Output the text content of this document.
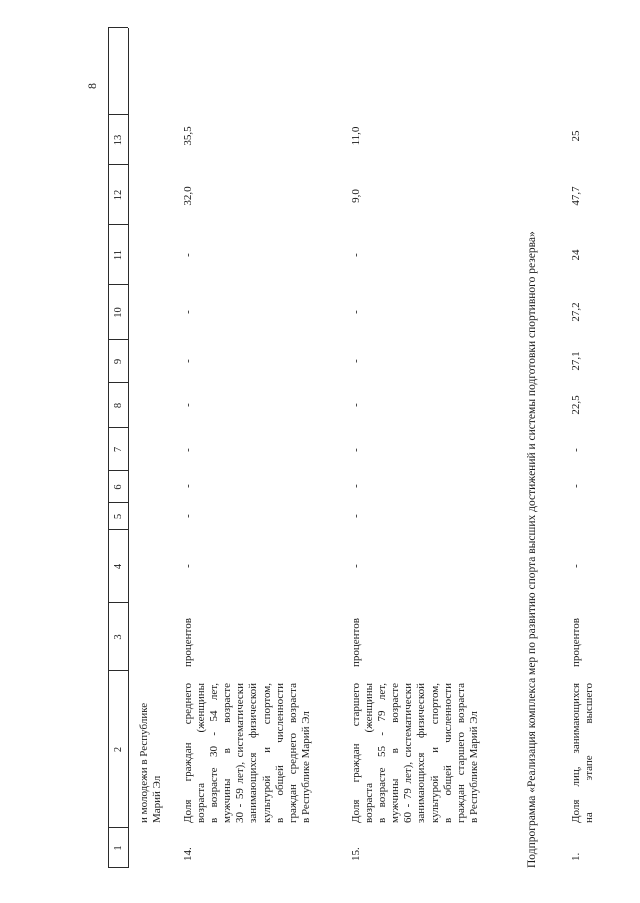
8
1
2
3
4
5
6
7
8
9
10
11
12
13
и молодежи в Республике Марий Эл
14.
Доля граждан среднего возраста (женщины в возрасте 30 - 54 лет, мужчины в возрасте 30 - 59 лет), систематически занимающихся физической культурой и спортом, в общей численности граждан среднего возраста в Республике Марий Эл
процентов
-
-
-
-
-
-
-
-
32,0
35,5
15.
Доля граждан старшего возраста (женщины в возрасте 55 - 79 лет, мужчины в возрасте 60 - 79 лет), систематически занимающихся физической культурой и спортом, в общей численности граждан старшего возраста в Республике Марий Эл
процентов
-
-
-
-
-
-
-
-
9,0
11,0
Подпрограмма «Реализация комплекса мер по развитию спорта высших достижений и системы подготовки спортивного резерва»	1.
Доля лиц, занимающихся на этапе высшего
процентов
-
-
-
22,5
27,1
27,2
24
47,7
25
